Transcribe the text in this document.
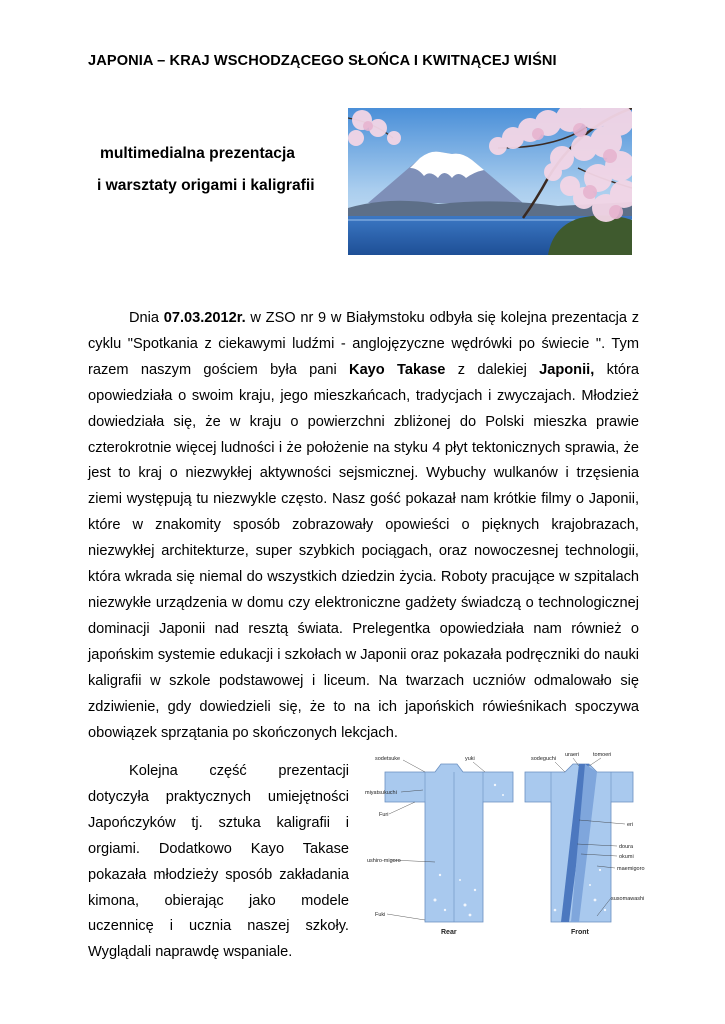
JAPONIA – KRAJ WSCHODZĄCEGO SŁOŃCA I KWITNĄCEJ WIŚNI
multimedialna prezentacja
i warsztaty origami i kaligrafii

Dnia 07.03.2012r. w ZSO nr 9 w Białymstoku odbyła się kolejna prezentacja z cyklu "Spotkania z ciekawymi ludźmi - anglojęzyczne wędrówki po świecie ". Tym razem naszym gościem była pani Kayo Takase z dalekiej Japonii, która opowiedziała o swoim kraju, jego mieszkańcach, tradycjach i zwyczajach. Młodzież dowiedziała się, że w kraju o powierzchni zbliżonej do Polski mieszka prawie czterokrotnie więcej ludności i że położenie na styku 4 płyt tektonicznych sprawia, że jest to kraj o niezwykłej aktywności sejsmicznej. Wybuchy wulkanów i trzęsienia ziemi występują tu niezwykle często. Nasz gość pokazał nam krótkie filmy o Japonii, które w znakomity sposób zobrazowały opowieści o pięknych krajobrazach, niezwykłej architekturze, super szybkich pociągach, oraz nowoczesnej technologii, która wkrada się niemal do wszystkich dziedzin życia. Roboty pracujące w szpitalach niezwykłe urządzenia w domu czy elektroniczne gadżety świadczą o technologicznej dominacji Japonii nad resztą świata. Prelegentka opowiedziała nam również o japońskim systemie edukacji i szkołach w Japonii oraz pokazała podręczniki do nauki kaligrafii w szkole podstawowej i liceum. Na twarzach uczniów odmalowało się zdziwienie, gdy dowiedzieli się, że to na ich japońskich rówieśnikach spoczywa obowiązek sprzątania po skończonych lekcjach.

Kolejna część prezentacji dotyczyła praktycznych umiejętności Japończyków tj. sztuka kaligrafii i orgiami. Dodatkowo Kayo Takase pokazała młodzieży sposób zakładania kimona, obierając jako modele uczennicę i ucznia naszej szkoły. Wyglądali naprawdę wspaniale.

sodetsuke	yuki
miyatsukuchi
Furi
ushiro-migoro
Fuki
Rear
sodeguchi
uraeri	tomoeri
eri
doura
okumi
maemigoro
susomawashi
Front
